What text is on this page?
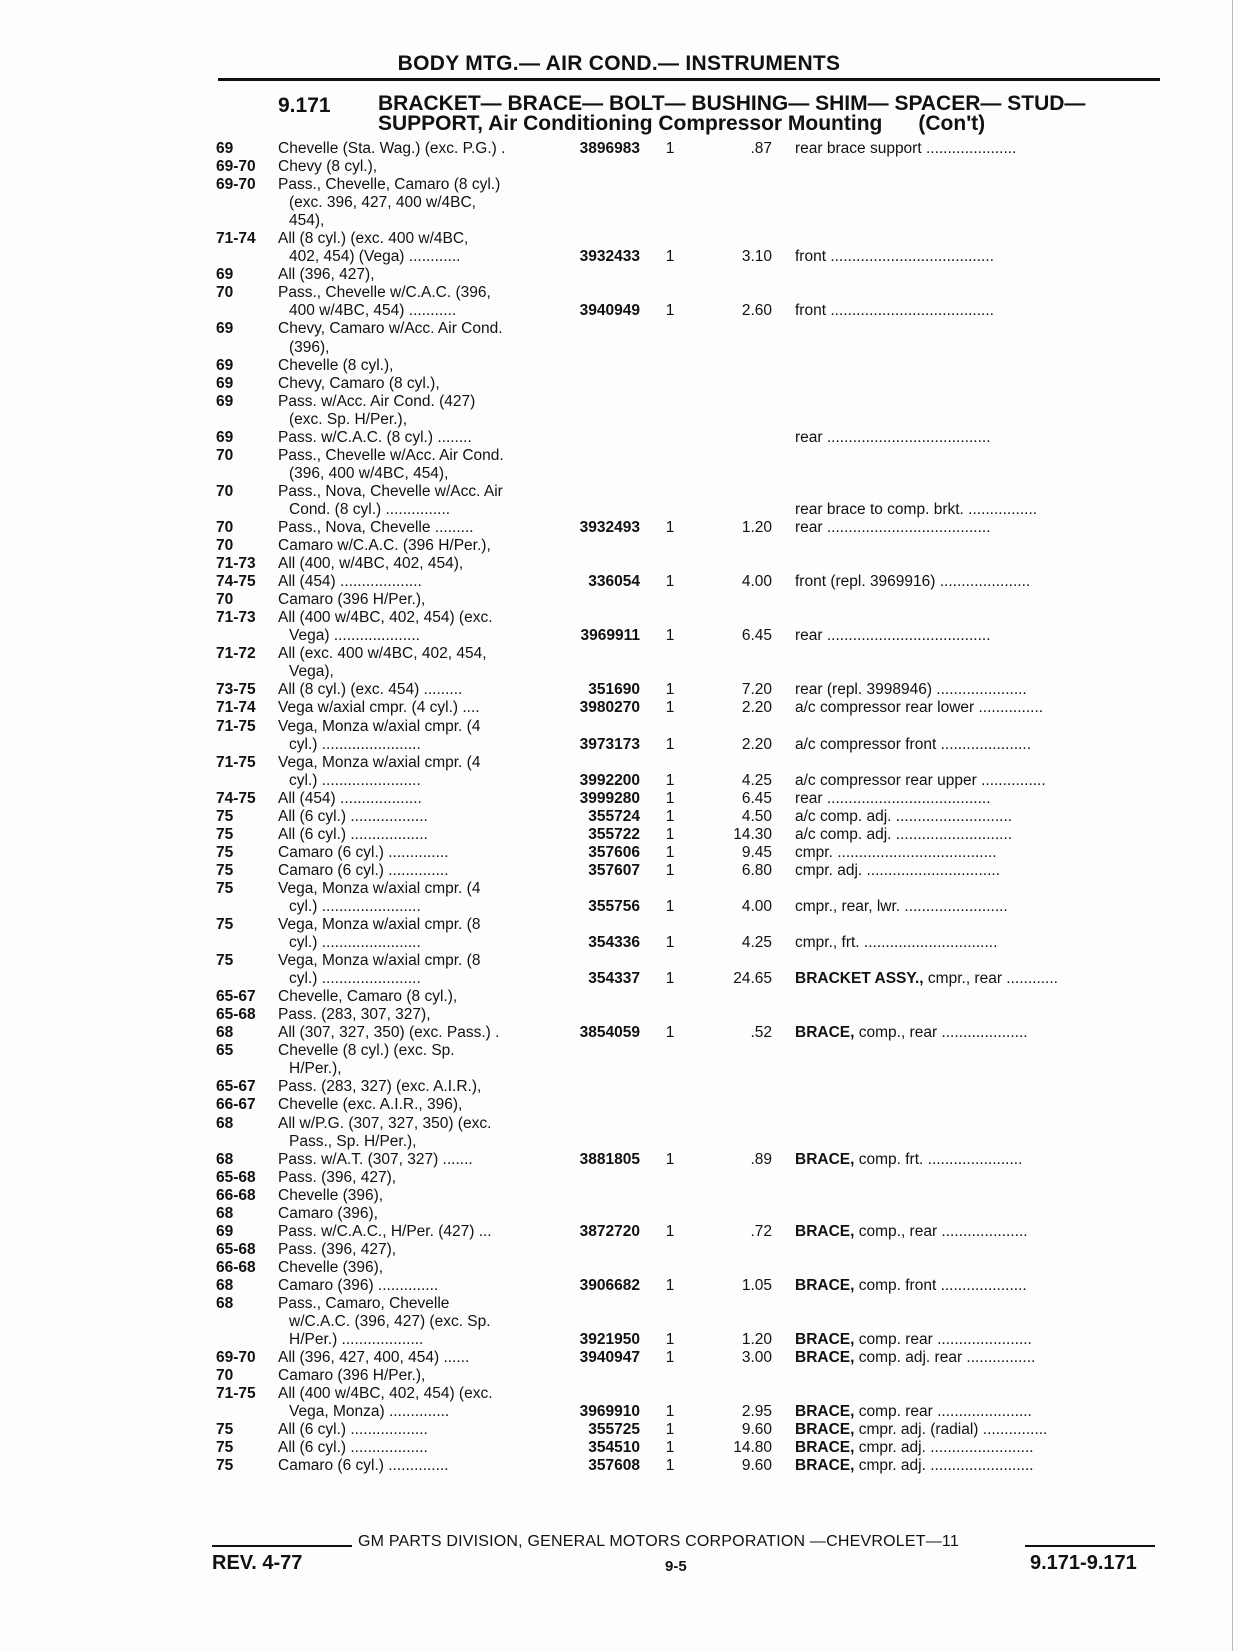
BODY MTG.— AIR COND.— INSTRUMENTS
9.171 BRACKET— BRACE— BOLT— BUSHING— SHIM— SPACER— STUD—
SUPPORT, Air Conditioning Compressor Mounting (Con't)
69	Chevelle (Sta. Wag.) (exc. P.G.) .	3896983	1	.87 rear brace support .....................
69-70 Chevy (8 cyl.),
69-70 Pass., Chevelle, Camaro (8 cyl.)
(exc. 396, 427, 400 w/4BC,
454),
71-74 All (8 cyl.) (exc. 400 w/4BC,
402, 454) (Vega) ............	3932433	1	3.10 front ......................................
69	All (396, 427),
70	Pass., Chevelle w/C.A.C. (396,
400 w/4BC, 454) ...........	3940949	1	2.60 front ......................................
69	Chevy, Camaro w/Acc. Air Cond.
(396),
69	Chevelle (8 cyl.),
69	Chevy, Camaro (8 cyl.),
69	Pass. w/Acc. Air Cond. (427)
(exc. Sp. H/Per.),
69	Pass. w/C.A.C. (8 cyl.) ........	rear ......................................
70	Pass., Chevelle w/Acc. Air Cond.
(396, 400 w/4BC, 454),
70	Pass., Nova, Chevelle w/Acc. Air
Cond. (8 cyl.) ...............	rear brace to comp. brkt. ................
70	Pass., Nova, Chevelle .........	3932493	1	1.20 rear ......................................
70	Camaro w/C.A.C. (396 H/Per.),
71-73 All (400, w/4BC, 402, 454),
74-75 All (454) ...................	336054	1	4.00 front (repl. 3969916) .....................
70	Camaro (396 H/Per.),
71-73 All (400 w/4BC, 402, 454) (exc.
Vega) ....................	3969911	1	6.45 rear ......................................
71-72 All (exc. 400 w/4BC, 402, 454,
Vega),
73-75 All (8 cyl.) (exc. 454) .........	351690	1	7.20 rear (repl. 3998946) .....................
71-74 Vega w/axial cmpr. (4 cyl.) ....	3980270	1	2.20 a/c compressor rear lower ...............
71-75 Vega, Monza w/axial cmpr. (4
cyl.) .......................	3973173	1	2.20 a/c compressor front .....................
71-75 Vega, Monza w/axial cmpr. (4
cyl.) .......................	3992200	1	4.25 a/c compressor rear upper ...............
74-75 All (454) ...................	3999280	1	6.45 rear ......................................
75	All (6 cyl.) ..................	355724	1	4.50 a/c comp. adj. ...........................
75	All (6 cyl.) ..................	355722	1	14.30 a/c comp. adj. ...........................
75	Camaro (6 cyl.) ..............	357606	1	9.45 cmpr. .....................................
75	Camaro (6 cyl.) ..............	357607	1	6.80 cmpr. adj. ...............................
75	Vega, Monza w/axial cmpr. (4
cyl.) .......................	355756	1	4.00 cmpr., rear, lwr. ........................
75	Vega, Monza w/axial cmpr. (8
cyl.) .......................	354336	1	4.25 cmpr., frt. ...............................
75	Vega, Monza w/axial cmpr. (8
cyl.) .......................	354337	1	24.65 BRACKET ASSY., cmpr., rear ............
65-67 Chevelle, Camaro (8 cyl.),
65-68 Pass. (283, 307, 327),
68	All (307, 327, 350) (exc. Pass.) .	3854059	1	.52 BRACE, comp., rear ....................
65	Chevelle (8 cyl.) (exc. Sp.
H/Per.),
65-67 Pass. (283, 327) (exc. A.I.R.),
66-67 Chevelle (exc. A.I.R., 396),
68	All w/P.G. (307, 327, 350) (exc.
Pass., Sp. H/Per.),
68	Pass. w/A.T. (307, 327) .......	3881805	1	.89 BRACE, comp. frt. ......................
65-68 Pass. (396, 427),
66-68 Chevelle (396),
68	Camaro (396),
69	Pass. w/C.A.C., H/Per. (427) ...	3872720	1	.72 BRACE, comp., rear ....................
65-68 Pass. (396, 427),
66-68 Chevelle (396),
68	Camaro (396) ..............	3906682	1	1.05 BRACE, comp. front ....................
68	Pass., Camaro, Chevelle
w/C.A.C. (396, 427) (exc. Sp.
H/Per.) ...................	3921950	1	1.20 BRACE, comp. rear ......................
69-70 All (396, 427, 400, 454) ......	3940947	1	3.00 BRACE, comp. adj. rear ................
70	Camaro (396 H/Per.),
71-75 All (400 w/4BC, 402, 454) (exc.
Vega, Monza) ..............	3969910	1	2.95 BRACE, comp. rear ......................
75	All (6 cyl.) ..................	355725	1	9.60 BRACE, cmpr. adj. (radial) ...............
75	All (6 cyl.) ..................	354510	1	14.80 BRACE, cmpr. adj. ........................
75	Camaro (6 cyl.) ..............	357608	1	9.60 BRACE, cmpr. adj. ........................
GM PARTS DIVISION, GENERAL MOTORS CORPORATION —CHEVROLET—11
REV. 4-77	9-5	9.171-9.171
